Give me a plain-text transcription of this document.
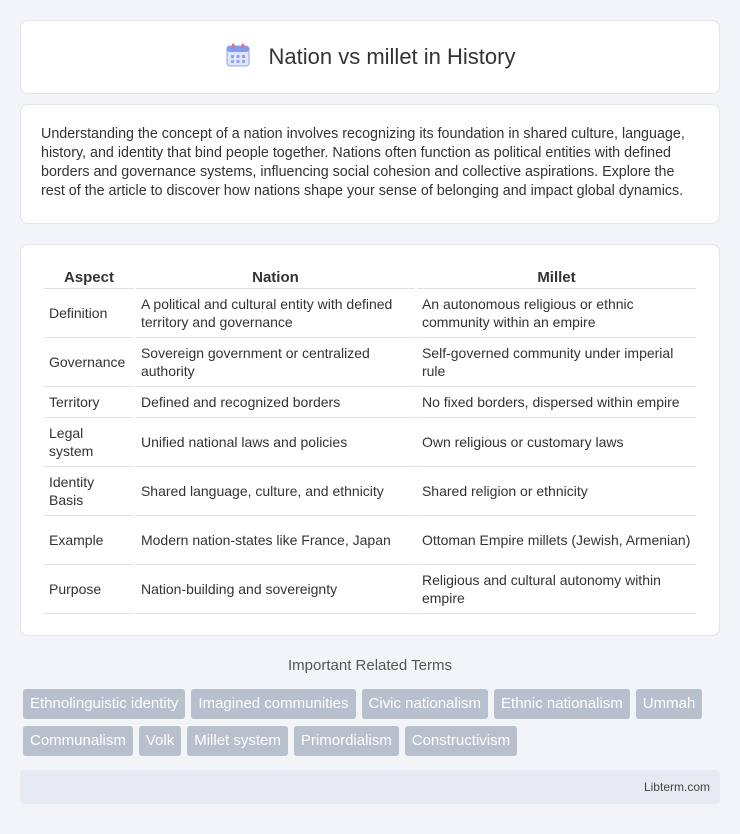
Nation vs millet in History

Understanding the concept of a nation involves recognizing its foundation in shared culture, language, history, and identity that bind people together. Nations often function as political entities with defined borders and governance systems, influencing social cohesion and collective aspirations. Explore the rest of the article to discover how nations shape your sense of belonging and impact global dynamics.

Aspect	Nation	Millet
Definition	A political and cultural entity with defined territory and governance	An autonomous religious or ethnic community within an empire
Governance	Sovereign government or centralized authority	Self-governed community under imperial rule
Territory	Defined and recognized borders	No fixed borders, dispersed within empire
Legal system	Unified national laws and policies	Own religious or customary laws
Identity Basis	Shared language, culture, and ethnicity	Shared religion or ethnicity
Example	Modern nation-states like France, Japan	Ottoman Empire millets (Jewish, Armenian)
Purpose	Nation-building and sovereignty	Religious and cultural autonomy within empire
Important Related Terms
Ethnolinguistic identity	Imagined communities	Civic nationalism	Ethnic nationalism	Ummah
Communalism	Volk	Millet system	Primordialism	Constructivism
Libterm.com
